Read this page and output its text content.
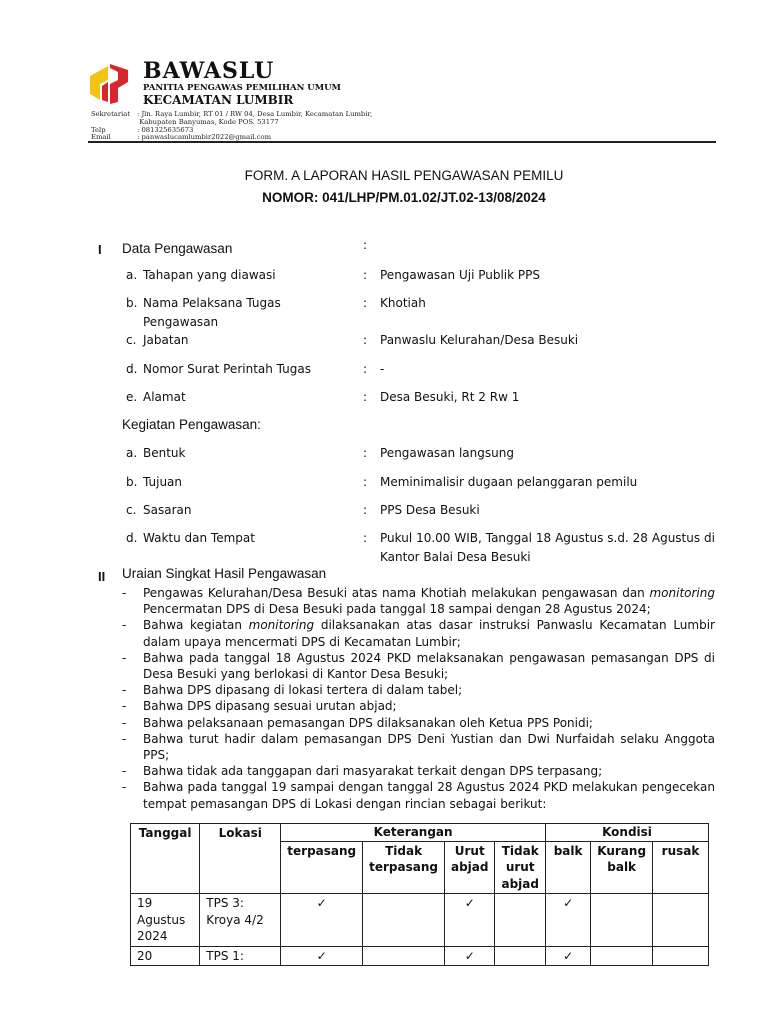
BAWASLU
PANITIA PENGAWAS PEMILIHAN UMUM
KECAMATAN LUMBIR
Sekretariat : Jln. Raya Lumbir, RT 01 / RW 04, Desa Lumbir, Kecamatan Lumbir,
Kabupaten Banyumas, Kode POS. 53177
Telp	: 081325635673
Email	: panwaslucamlumbir2022@gmail.com
FORM. A LAPORAN HASIL PENGAWASAN PEMILU
NOMOR: 041/LHP/PM.01.02/JT.02-13/08/2024
I Data Pengawasan	:
a. Tahapan yang diawasi	: Pengawasan Uji Publik PPS
b. Nama Pelaksana Tugas Pengawasan
: Khotiah
c. Jabatan	: Panwaslu Kelurahan/Desa Besuki
d. Nomor Surat Perintah Tugas	: -
e. Alamat	: Desa Besuki, Rt 2 Rw 1
Kegiatan Pengawasan:
a. Bentuk	: Pengawasan langsung
b. Tujuan	: Meminimalisir dugaan pelanggaran pemilu
c. Sasaran	: PPS Desa Besuki
d. Waktu dan Tempat	: Pukul 10.00 WIB, Tanggal 18 Agustus s.d. 28 Agustus di Kantor Balai Desa Besuki
II Uraian Singkat Hasil Pengawasan
- Pengawas Kelurahan/Desa Besuki atas nama Khotiah melakukan pengawasan dan monitoring Pencermatan DPS di Desa Besuki pada tanggal 18 sampai dengan 28 Agustus 2024;
- Bahwa kegiatan monitoring dilaksanakan atas dasar instruksi Panwaslu Kecamatan Lumbir dalam upaya mencermati DPS di Kecamatan Lumbir;
- Bahwa pada tanggal 18 Agustus 2024 PKD melaksanakan pengawasan pemasangan DPS di Desa Besuki yang berlokasi di Kantor Desa Besuki;
- Bahwa DPS dipasang di lokasi tertera di dalam tabel;
- Bahwa DPS dipasang sesuai urutan abjad;
- Bahwa pelaksanaan pemasangan DPS dilaksanakan oleh Ketua PPS Ponidi;
- Bahwa turut hadir dalam pemasangan DPS Deni Yustian dan Dwi Nurfaidah selaku Anggota PPS;
- Bahwa tidak ada tanggapan dari masyarakat terkait dengan DPS terpasang;
- Bahwa pada tanggal 19 sampai dengan tanggal 28 Agustus 2024 PKD melakukan pengecekan tempat pemasangan DPS di Lokasi dengan rincian sebagai berikut:
Tanggal	Lokasi	Keterangan				Kondisi		
		terpasang	Tidak terpasang	Urut abjad	Tidak urut abjad	balk	Kurang balk	rusak
19 Agustus 2024	TPS 3: Kroya 4/2	✓		✓		✓		
20	TPS 1:	✓		✓		✓		
